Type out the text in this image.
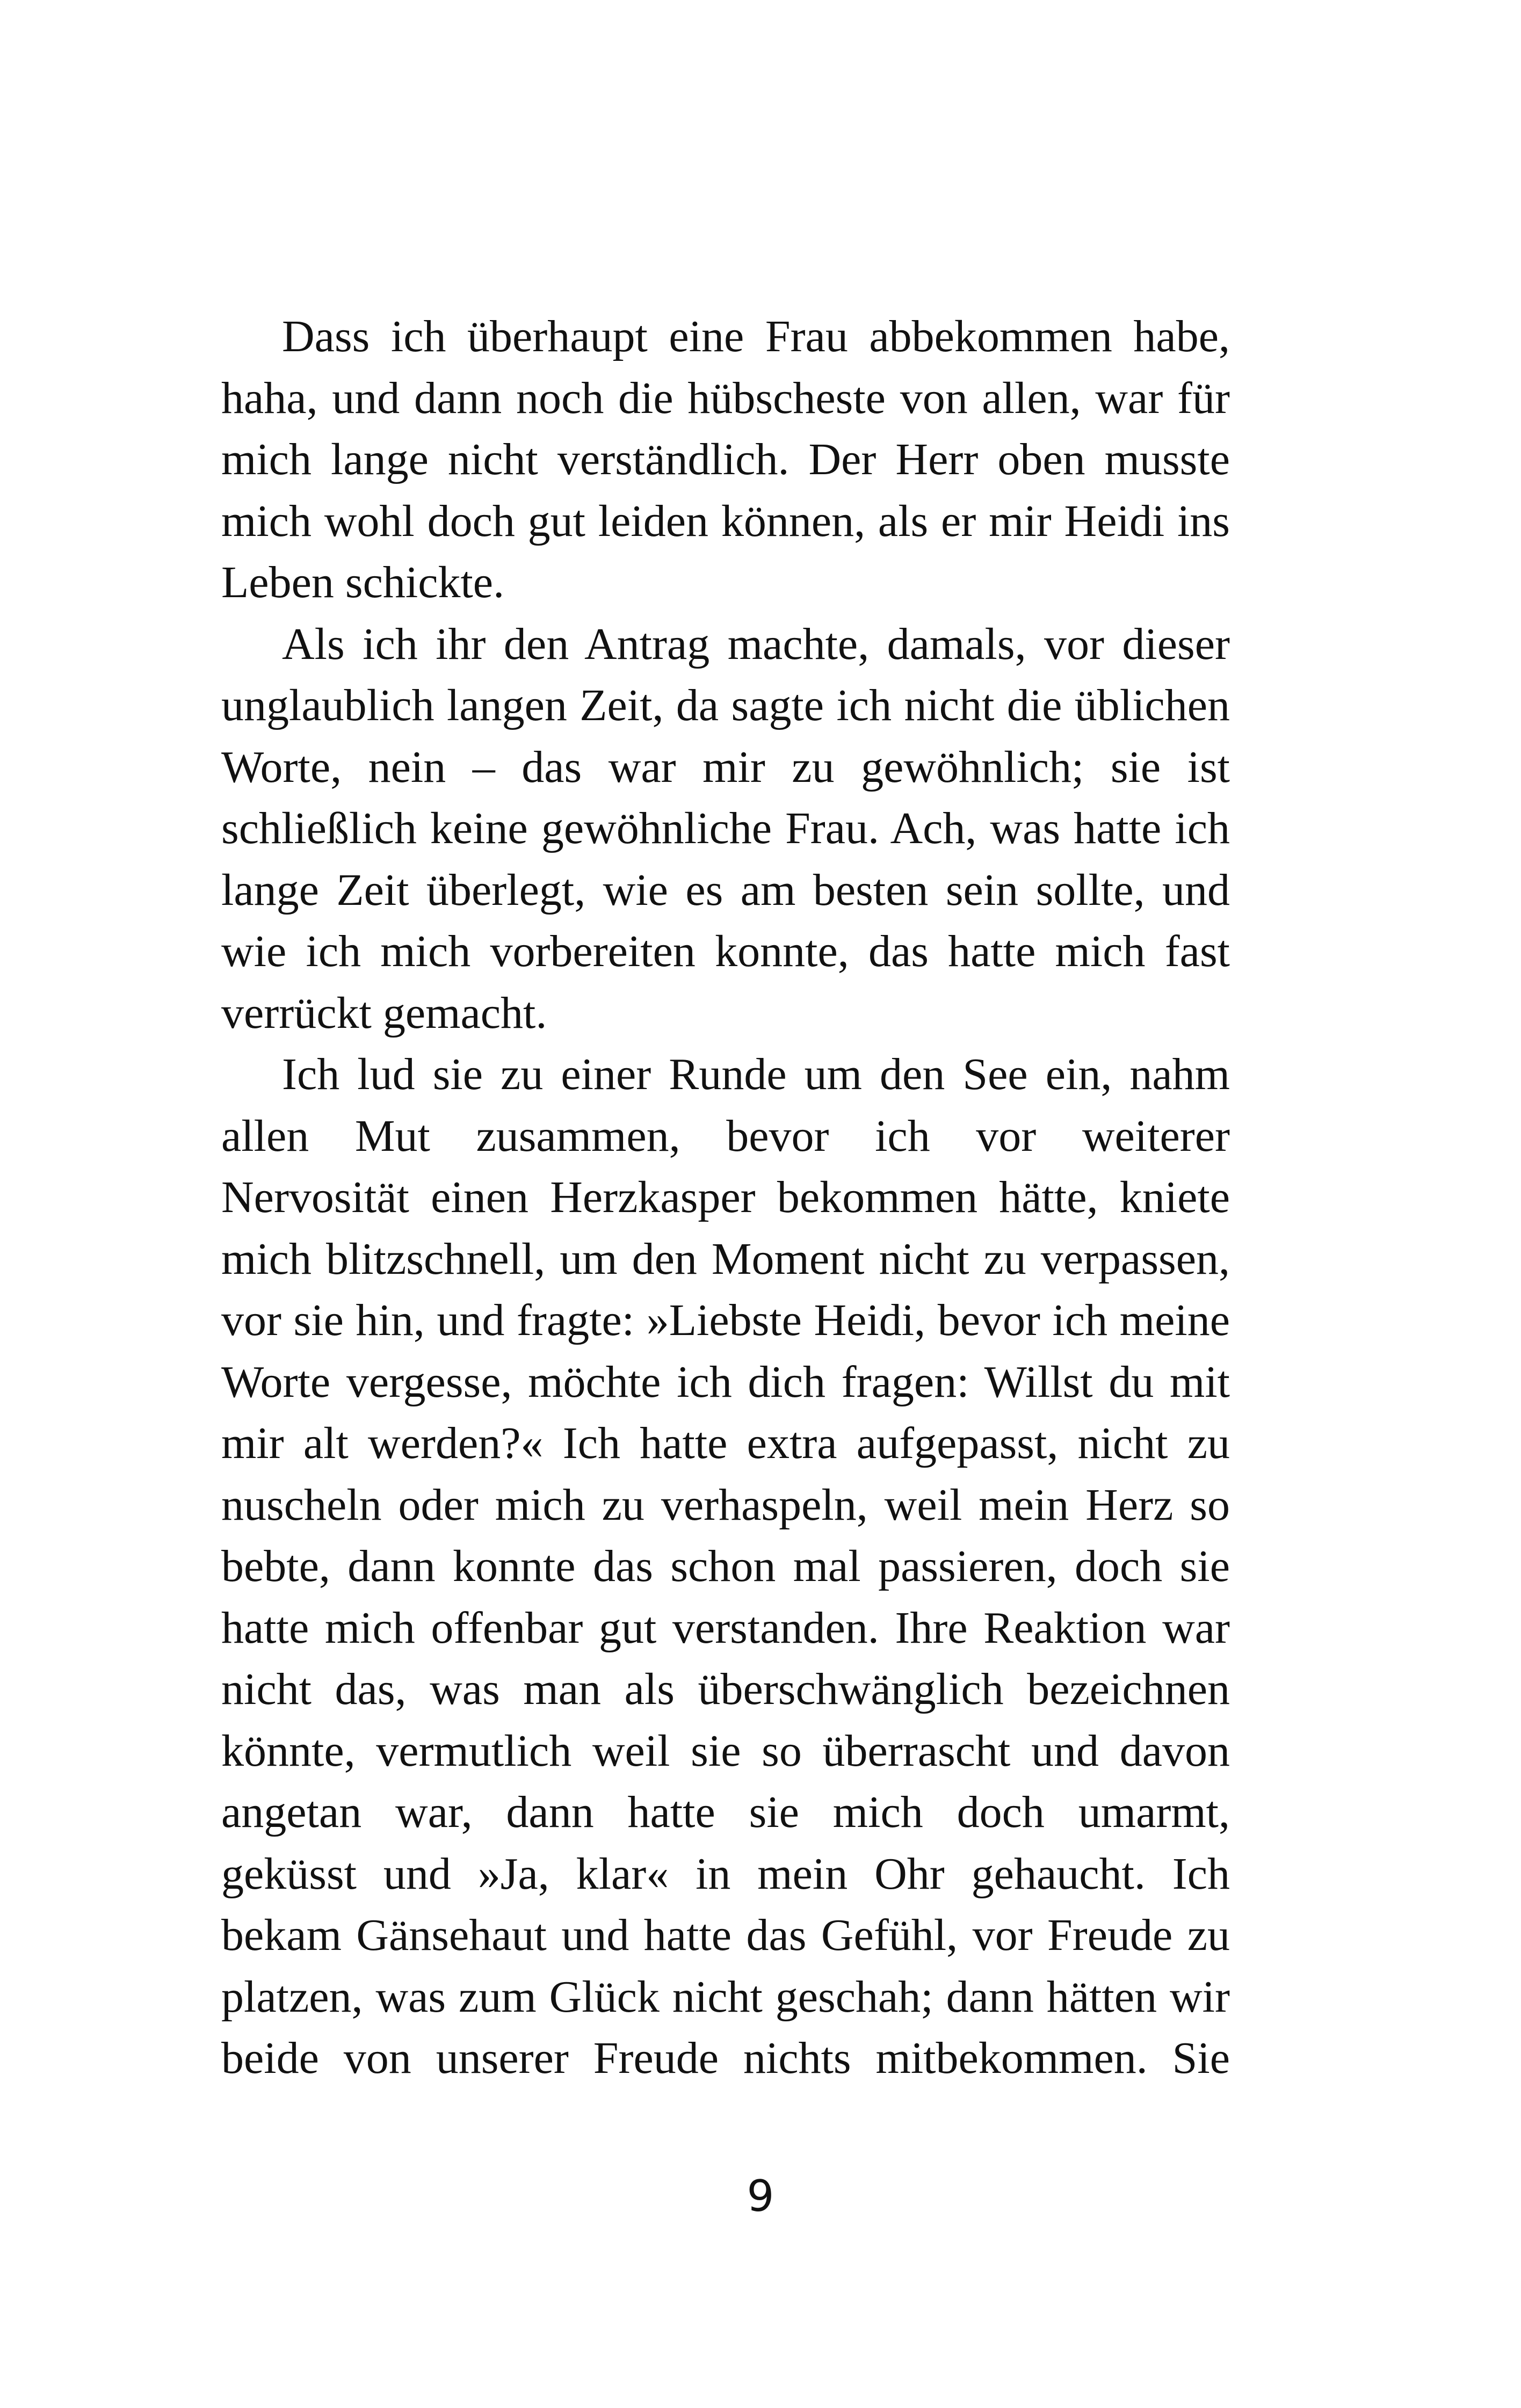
Dass ich überhaupt eine Frau abbekommen habe,
haha, und dann noch die hübscheste von allen, war für
mich lange nicht verständlich. Der Herr oben musste
mich wohl doch gut leiden können, als er mir Heidi ins
Leben schickte.
Als ich ihr den Antrag machte, damals, vor dieser
unglaublich langen Zeit, da sagte ich nicht die üblichen
Worte, nein – das war mir zu gewöhnlich; sie ist
schließlich keine gewöhnliche Frau. Ach, was hatte ich
lange Zeit überlegt, wie es am besten sein sollte, und
wie ich mich vorbereiten konnte, das hatte mich fast
verrückt gemacht.
Ich lud sie zu einer Runde um den See ein, nahm
allen Mut zusammen, bevor ich vor weiterer
Nervosität einen Herzkasper bekommen hätte, kniete
mich blitzschnell, um den Moment nicht zu verpassen,
vor sie hin, und fragte: »Liebste Heidi, bevor ich meine
Worte vergesse, möchte ich dich fragen: Willst du mit
mir alt werden?« Ich hatte extra aufgepasst, nicht zu
nuscheln oder mich zu verhaspeln, weil mein Herz so
bebte, dann konnte das schon mal passieren, doch sie
hatte mich offenbar gut verstanden. Ihre Reaktion war
nicht das, was man als überschwänglich bezeichnen
könnte, vermutlich weil sie so überrascht und davon
angetan war, dann hatte sie mich doch umarmt,
geküsst und »Ja, klar« in mein Ohr gehaucht. Ich
bekam Gänsehaut und hatte das Gefühl, vor Freude zu
platzen, was zum Glück nicht geschah; dann hätten wir
beide von unserer Freude nichts mitbekommen. Sie
9
